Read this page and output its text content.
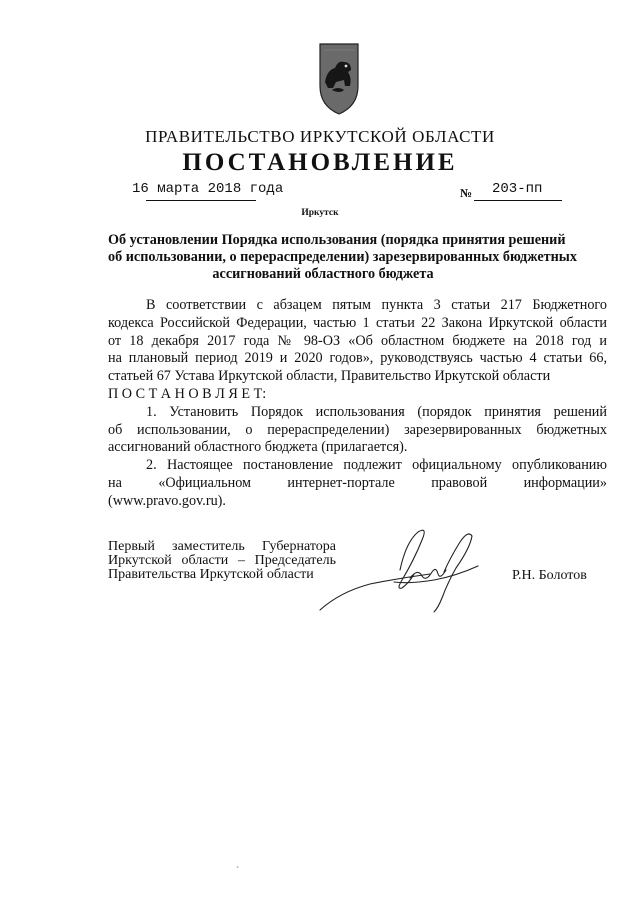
ПРАВИТЕЛЬСТВО ИРКУТСКОЙ ОБЛАСТИ
ПОСТАНОВЛЕНИЕ
16 марта 2018 года	№ 203-пп
Иркутск
Об установлении Порядка использования (порядка принятия решений
об использовании, о перераспределении) зарезервированных бюджетных
ассигнований областного бюджета
В соответствии с абзацем пятым пункта 3 статьи 217 Бюджетного
кодекса Российской Федерации, частью 1 статьи 22 Закона Иркутской области
от 18 декабря 2017 года № 98-ОЗ «Об областном бюджете на 2018 год и
на плановый период 2019 и 2020 годов», руководствуясь частью 4 статьи 66,
статьей 67 Устава Иркутской области, Правительство Иркутской области
П О С Т А Н О В Л Я Е Т:
1. Установить Порядок использования (порядок принятия решений
об использовании, о перераспределении) зарезервированных бюджетных
ассигнований областного бюджета (прилагается).
2. Настоящее постановление подлежит официальному опубликованию
на «Официальном интернет-портале правовой информации»
(www.pravo.gov.ru).
Первый заместитель Губернатора
Иркутской области – Председатель
Правительства Иркутской области	Р.Н. Болотов
`
